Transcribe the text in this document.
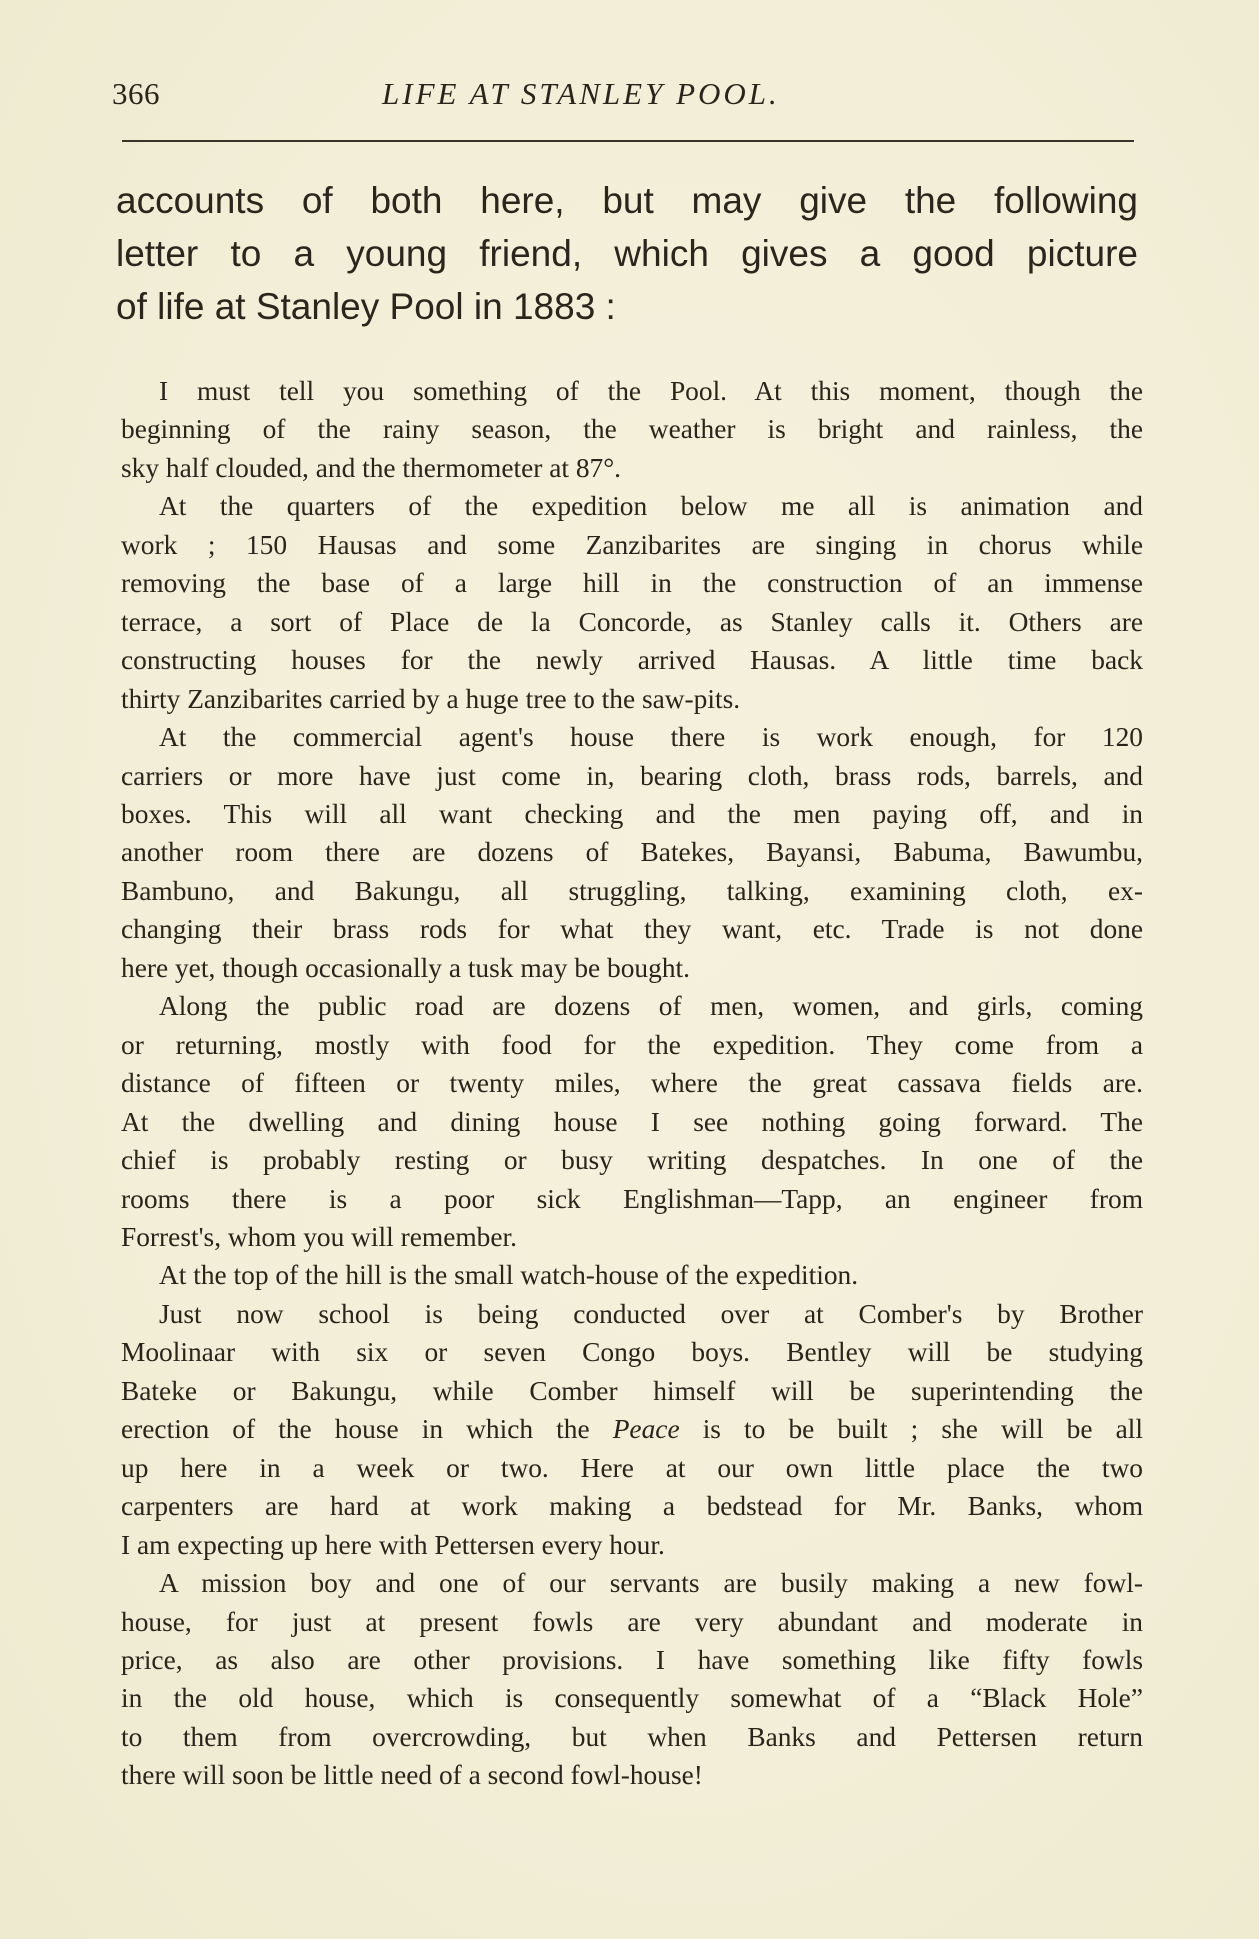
366	LIFE AT STANLEY POOL.
accounts of both here, but may give the following
letter to a young friend, which gives a good picture
of life at Stanley Pool in 1883 :
I must tell you something of the Pool. At this moment, though the
beginning of the rainy season, the weather is bright and rainless, the
sky half clouded, and the thermometer at 87°.
At the quarters of the expedition below me all is animation and
work ; 150 Hausas and some Zanzibarites are singing in chorus while
removing the base of a large hill in the construction of an immense
terrace, a sort of Place de la Concorde, as Stanley calls it. Others are
constructing houses for the newly arrived Hausas. A little time back
thirty Zanzibarites carried by a huge tree to the saw-pits.
At the commercial agent's house there is work enough, for 120
carriers or more have just come in, bearing cloth, brass rods, barrels, and
boxes. This will all want checking and the men paying off, and in
another room there are dozens of Batekes, Bayansi, Babuma, Bawumbu,
Bambuno, and Bakungu, all struggling, talking, examining cloth, ex-
changing their brass rods for what they want, etc. Trade is not done
here yet, though occasionally a tusk may be bought.
Along the public road are dozens of men, women, and girls, coming
or returning, mostly with food for the expedition. They come from a
distance of fifteen or twenty miles, where the great cassava fields are.
At the dwelling and dining house I see nothing going forward. The
chief is probably resting or busy writing despatches. In one of the
rooms there is a poor sick Englishman—Tapp, an engineer from
Forrest's, whom you will remember.
At the top of the hill is the small watch-house of the expedition.
Just now school is being conducted over at Comber's by Brother
Moolinaar with six or seven Congo boys. Bentley will be studying
Bateke or Bakungu, while Comber himself will be superintending the
erection of the house in which the Peace is to be built ; she will be all
up here in a week or two. Here at our own little place the two
carpenters are hard at work making a bedstead for Mr. Banks, whom
I am expecting up here with Pettersen every hour.
A mission boy and one of our servants are busily making a new fowl-
house, for just at present fowls are very abundant and moderate in
price, as also are other provisions. I have something like fifty fowls
in the old house, which is consequently somewhat of a “Black Hole”
to them from overcrowding, but when Banks and Pettersen return
there will soon be little need of a second fowl-house!
